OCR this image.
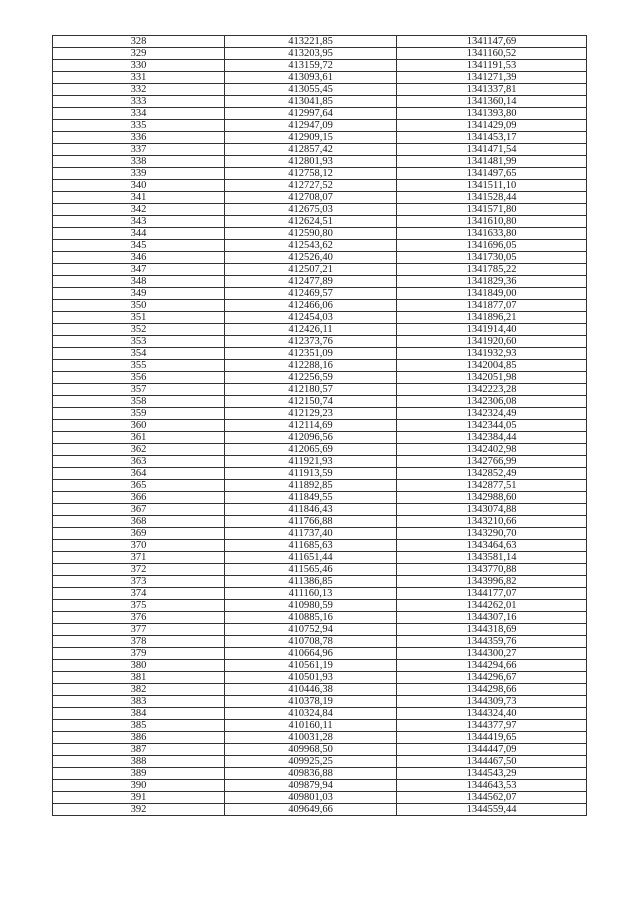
328	413221,85	1341147,69
329	413203,95	1341160,52
330	413159,72	1341191,53
331	413093,61	1341271,39
332	413055,45	1341337,81
333	413041,85	1341360,14
334	412997,64	1341393,80
335	412947,09	1341429,09
336	412909,15	1341453,17
337	412857,42	1341471,54
338	412801,93	1341481,99
339	412758,12	1341497,65
340	412727,52	1341511,10
341	412708,07	1341528,44
342	412675,03	1341571,80
343	412624,51	1341610,80
344	412590,80	1341633,80
345	412543,62	1341696,05
346	412526,40	1341730,05
347	412507,21	1341785,22
348	412477,89	1341829,36
349	412469,57	1341849,00
350	412466,06	1341877,07
351	412454,03	1341896,21
352	412426,11	1341914,40
353	412373,76	1341920,60
354	412351,09	1341932,93
355	412288,16	1342004,85
356	412256,59	1342051,98
357	412180,57	1342223,28
358	412150,74	1342306,08
359	412129,23	1342324,49
360	412114,69	1342344,05
361	412096,56	1342384,44
362	412065,69	1342402,98
363	411921,93	1342766,99
364	411913,59	1342852,49
365	411892,85	1342877,51
366	411849,55	1342988,60
367	411846,43	1343074,88
368	411766,88	1343210,66
369	411737,40	1343290,70
370	411685,63	1343464,63
371	411651,44	1343581,14
372	411565,46	1343770,88
373	411386,85	1343996,82
374	411160,13	1344177,07
375	410980,59	1344262,01
376	410885,16	1344307,16
377	410752,94	1344318,69
378	410708,78	1344359,76
379	410664,96	1344300,27
380	410561,19	1344294,66
381	410501,93	1344296,67
382	410446,38	1344298,66
383	410378,19	1344309,73
384	410324,84	1344324,40
385	410160,11	1344377,97
386	410031,28	1344419,65
387	409968,50	1344447,09
388	409925,25	1344467,50
389	409836,88	1344543,29
390	409879,94	1344643,53
391	409801,03	1344562,07
392	409649,66	1344559,44
